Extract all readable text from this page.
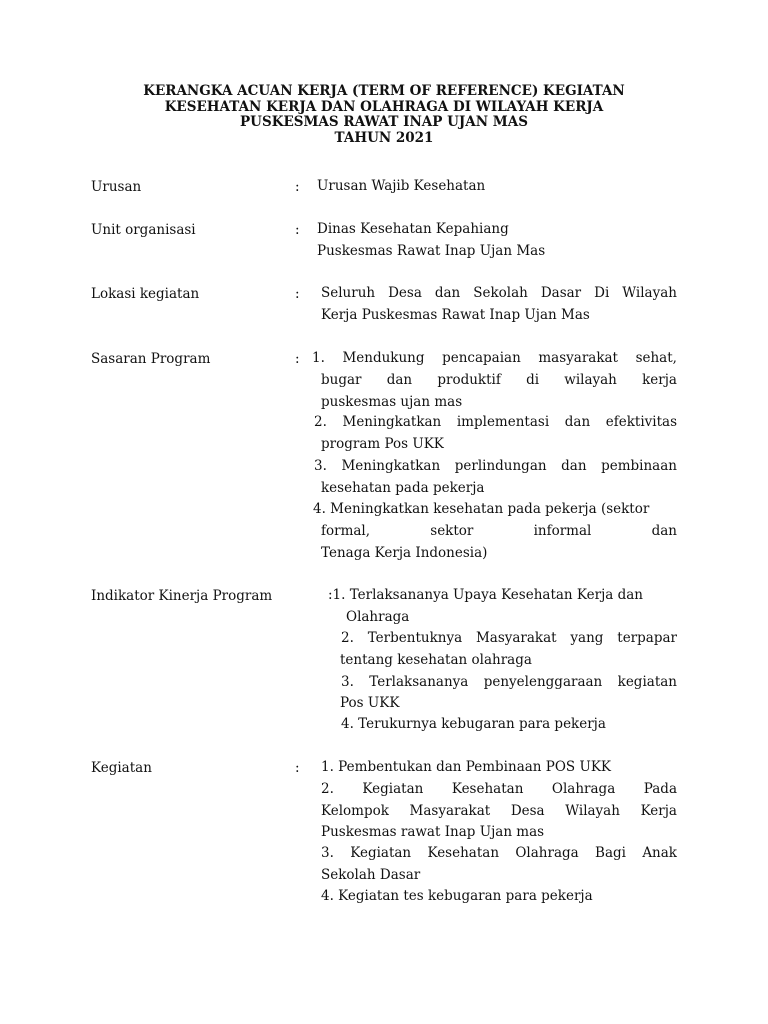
KERANGKA ACUAN KERJA (TERM OF REFERENCE) KEGIATAN
KESEHATAN KERJA DAN OLAHRAGA DI WILAYAH KERJA
PUSKESMAS RAWAT INAP UJAN MAS
TAHUN 2021
Urusan	: Urusan Wajib Kesehatan
Unit organisasi	: Dinas Kesehatan Kepahiang
Puskesmas Rawat Inap Ujan Mas
Lokasi kegiatan	: Seluruh Desa dan Sekolah Dasar Di Wilayah
Kerja Puskesmas Rawat Inap Ujan Mas
Sasaran Program	: 1. Mendukung pencapaian masyarakat sehat,
bugar dan produktif di wilayah kerja
puskesmas ujan mas
2. Meningkatkan implementasi dan efektivitas
program Pos UKK
3. Meningkatkan perlindungan dan pembinaan
kesehatan pada pekerja
4. Meningkatkan kesehatan pada pekerja (sektor
formal,	sektor	informal	dan
Tenaga Kerja Indonesia)
Indikator Kinerja Program	:1. Terlaksananya Upaya Kesehatan Kerja dan
Olahraga
2. Terbentuknya Masyarakat yang terpapar
tentang kesehatan olahraga
3. Terlaksananya penyelenggaraan kegiatan
Pos UKK
4. Terukurnya kebugaran para pekerja
Kegiatan	: 1. Pembentukan dan Pembinaan POS UKK
2. Kegiatan Kesehatan Olahraga Pada
Kelompok Masyarakat Desa Wilayah Kerja
Puskesmas rawat Inap Ujan mas
3. Kegiatan Kesehatan Olahraga Bagi Anak
Sekolah Dasar
4. Kegiatan tes kebugaran para pekerja
